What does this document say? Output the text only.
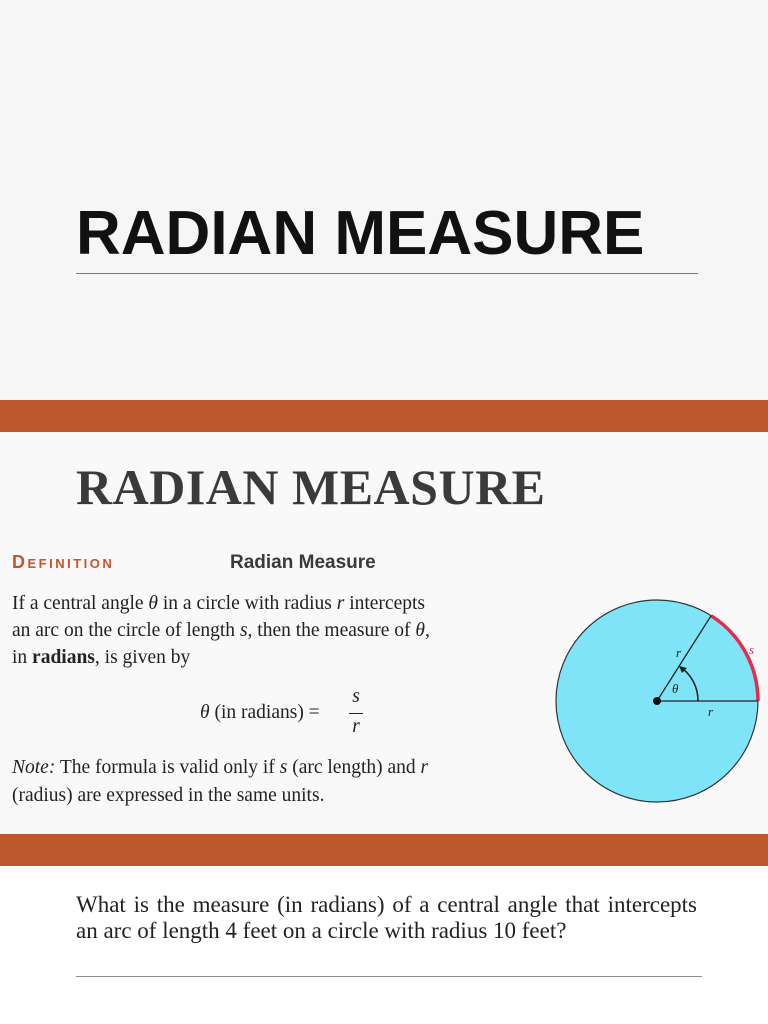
RADIAN MEASURE
RADIAN MEASURE
Definition	Radian Measure

If a central angle θ in a circle with radius r intercepts

an arc on the circle of length s, then the measure of θ,

in radians, is given by

θ (in radians) =
s
r

Note: The formula is valid only if s (arc length) and r

(radius) are expressed in the same units.

θ
r
r
s

What is the measure (in radians) of a central angle that intercepts an arc of length 4 feet on a circle with radius 10 feet?
